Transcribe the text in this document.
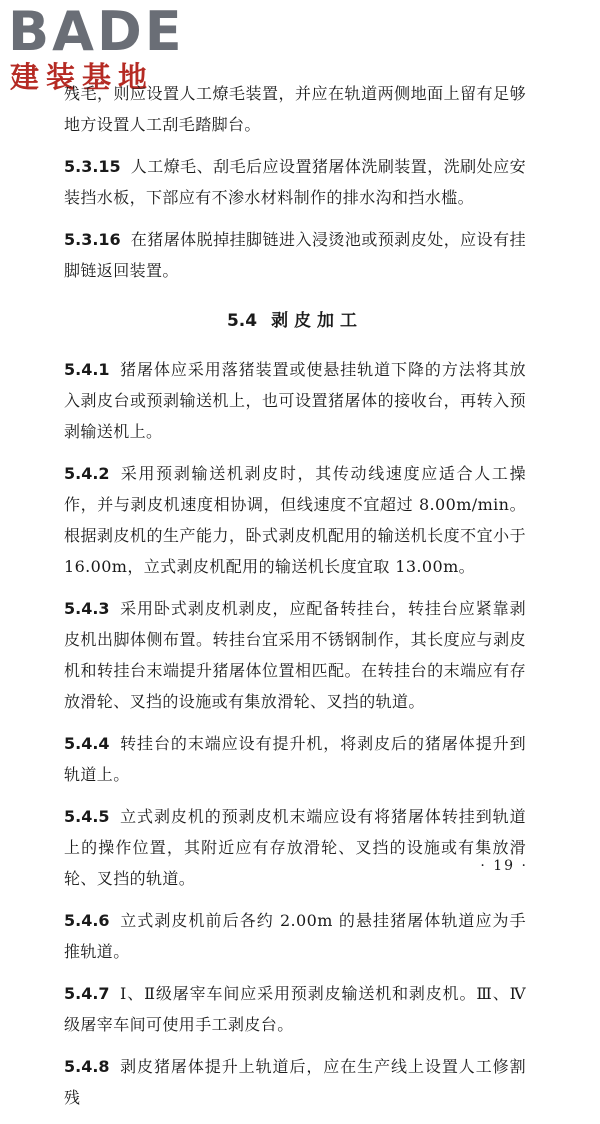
BADE
建装基地

残毛，则应设置人工燎毛装置，并应在轨道两侧地面上留有足够地方设置人工刮毛踏脚台。

5.3.15 人工燎毛、刮毛后应设置猪屠体洗刷装置，洗刷处应安装挡水板，下部应有不渗水材料制作的排水沟和挡水槛。

5.3.16 在猪屠体脱掉挂脚链进入浸烫池或预剥皮处，应设有挂脚链返回装置。

5.4 剥皮加工

5.4.1 猪屠体应采用落猪装置或使悬挂轨道下降的方法将其放入剥皮台或预剥输送机上，也可设置猪屠体的接收台，再转入预剥输送机上。

5.4.2 采用预剥输送机剥皮时，其传动线速度应适合人工操作，并与剥皮机速度相协调，但线速度不宜超过 8.00m/min。根据剥皮机的生产能力，卧式剥皮机配用的输送机长度不宜小于 16.00m，立式剥皮机配用的输送机长度宜取 13.00m。

5.4.3 采用卧式剥皮机剥皮，应配备转挂台，转挂台应紧靠剥皮机出脚体侧布置。转挂台宜采用不锈钢制作，其长度应与剥皮机和转挂台末端提升猪屠体位置相匹配。在转挂台的末端应有存放滑轮、叉挡的设施或有集放滑轮、叉挡的轨道。

5.4.4 转挂台的末端应设有提升机，将剥皮后的猪屠体提升到轨道上。

5.4.5 立式剥皮机的预剥皮机末端应设有将猪屠体转挂到轨道上的操作位置，其附近应有存放滑轮、叉挡的设施或有集放滑轮、叉挡的轨道。

5.4.6 立式剥皮机前后各约 2.00m 的悬挂猪屠体轨道应为手推轨道。

5.4.7 Ⅰ、Ⅱ级屠宰车间应采用预剥皮输送机和剥皮机。Ⅲ、Ⅳ级屠宰车间可使用手工剥皮台。

5.4.8 剥皮猪屠体提升上轨道后，应在生产线上设置人工修割残

· 19 ·
